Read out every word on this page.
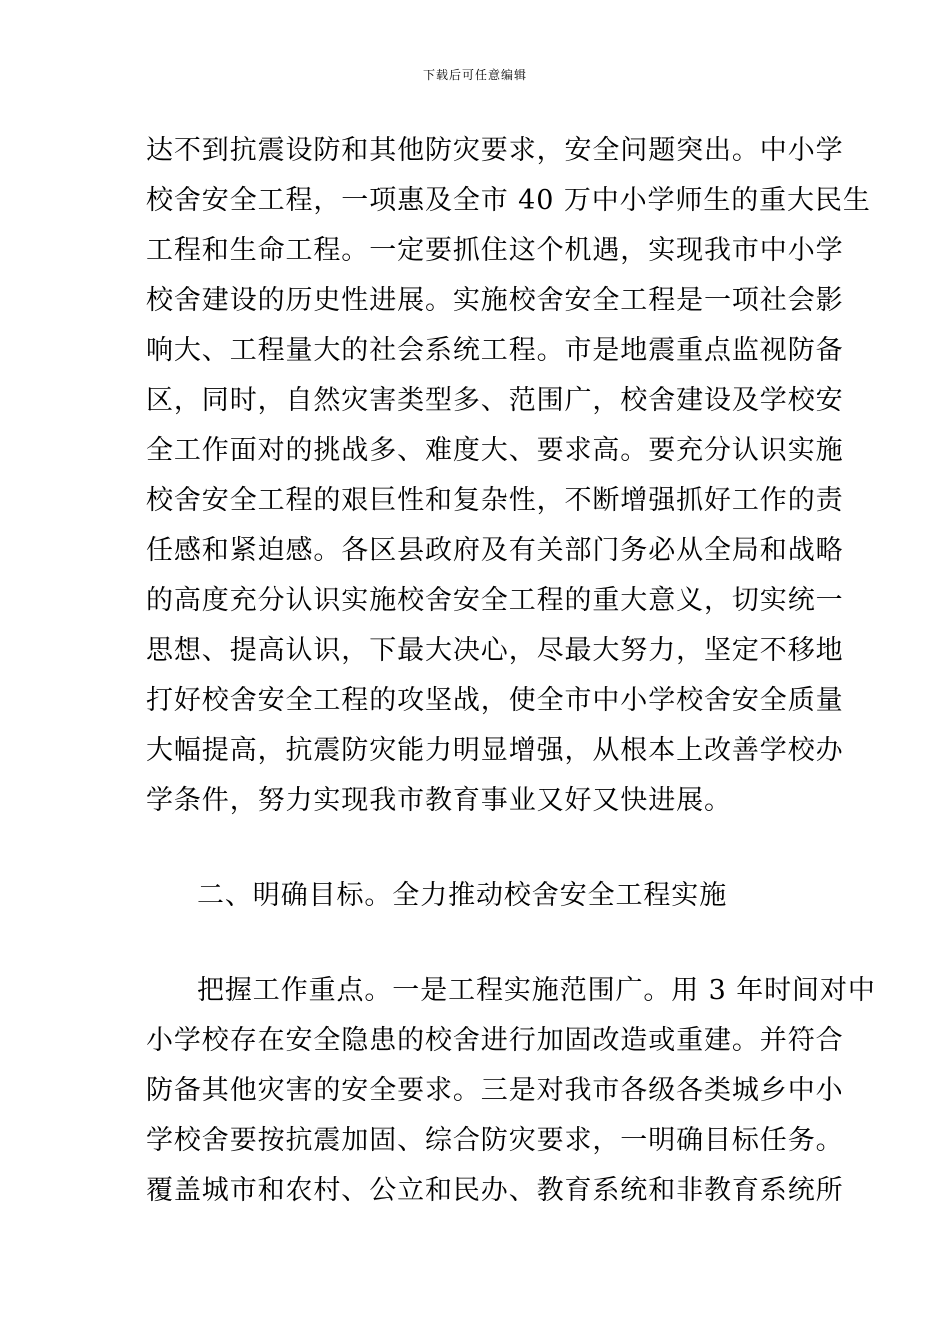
下载后可任意编辑
达不到抗震设防和其他防灾要求，安全问题突出。中小学
校舍安全工程，一项惠及全市 40 万中小学师生的重大民生
工程和生命工程。一定要抓住这个机遇，实现我市中小学
校舍建设的历史性进展。实施校舍安全工程是一项社会影
响大、工程量大的社会系统工程。市是地震重点监视防备
区，同时，自然灾害类型多、范围广，校舍建设及学校安
全工作面对的挑战多、难度大、要求高。要充分认识实施
校舍安全工程的艰巨性和复杂性，不断增强抓好工作的责
任感和紧迫感。各区县政府及有关部门务必从全局和战略
的高度充分认识实施校舍安全工程的重大意义，切实统一
思想、提高认识，下最大决心，尽最大努力，坚定不移地
打好校舍安全工程的攻坚战，使全市中小学校舍安全质量
大幅提高，抗震防灾能力明显增强，从根本上改善学校办
学条件，努力实现我市教育事业又好又快进展。
二、明确目标。全力推动校舍安全工程实施
把握工作重点。一是工程实施范围广。用 3 年时间对中
小学校存在安全隐患的校舍进行加固改造或重建。并符合
防备其他灾害的安全要求。三是对我市各级各类城乡中小
学校舍要按抗震加固、综合防灾要求，一明确目标任务。
覆盖城市和农村、公立和民办、教育系统和非教育系统所
